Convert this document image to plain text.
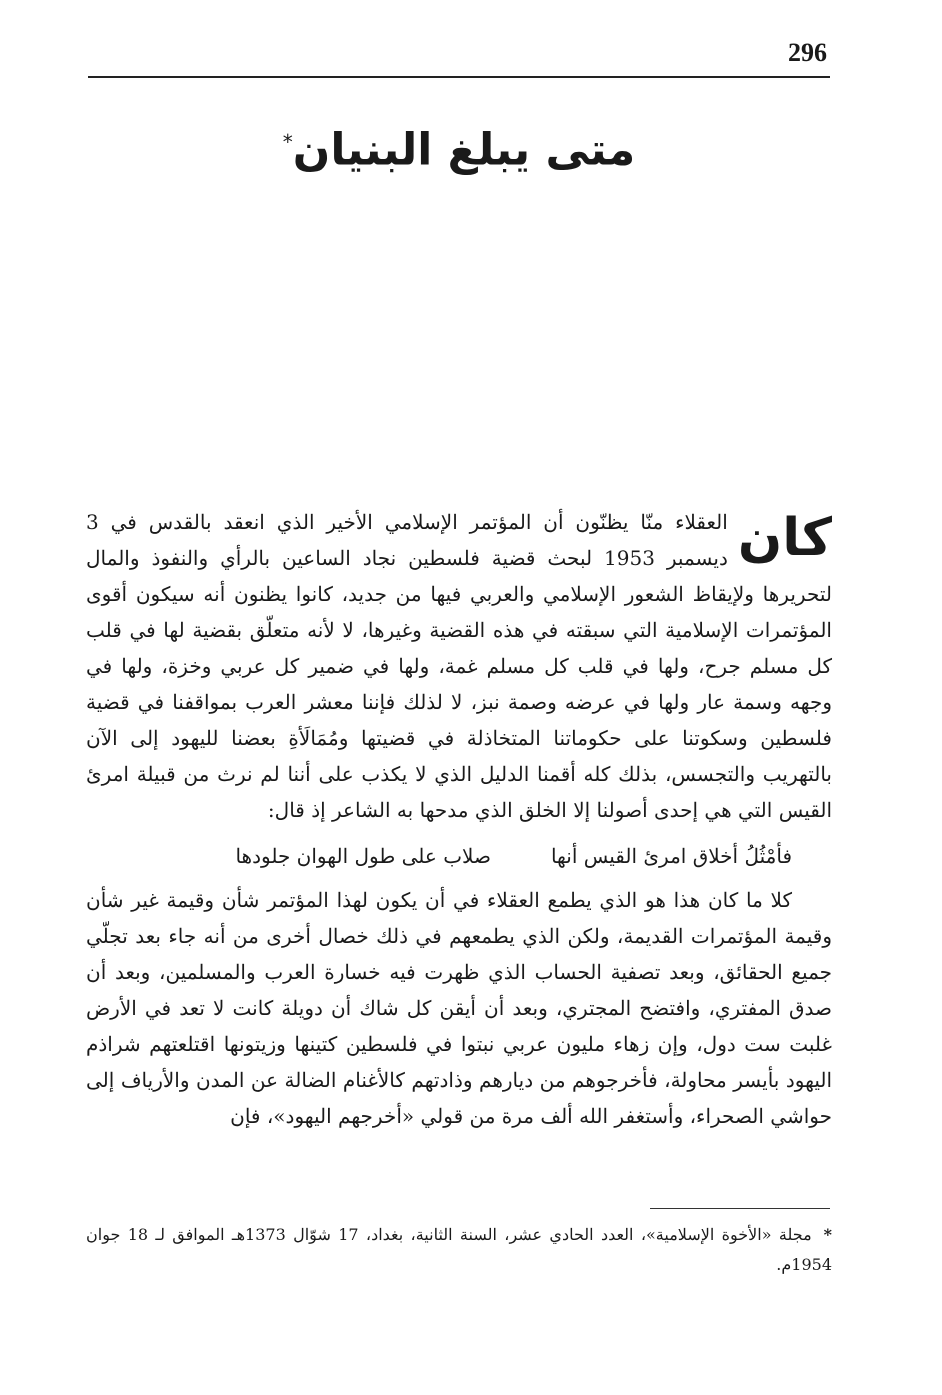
296
متى يبلغ البنيان*

كان
العقلاء منّا يظنّون أن المؤتمر الإسلامي الأخير الذي انعقد بالقدس في 3 ديسمبر 1953 لبحث قضية فلسطين نجاد الساعين بالرأي والنفوذ والمال لتحريرها ولإيقاظ الشعور الإسلامي والعربي فيها من جديد، كانوا يظنون أنه سيكون أقوى المؤتمرات الإسلامية التي سبقته في هذه القضية وغيرها، لا لأنه متعلّق بقضية لها في قلب كل مسلم جرح، ولها في قلب كل مسلم غمة، ولها في ضمير كل عربي وخزة، ولها في وجهه وسمة عار ولها في عرضه وصمة نبز، لا لذلك فإننا معشر العرب بمواقفنا في قضية فلسطين وسكوتنا على حكوماتنا المتخاذلة في قضيتها ومُمَالَأةِ بعضنا لليهود إلى الآن بالتهريب والتجسس، بذلك كله أقمنا الدليل الذي لا يكذب على أننا لم نرث من قبيلة امرئ القيس التي هي إحدى أصولنا إلا الخلق الذي مدحها به الشاعر إذ قال:

فأمْثُلُ أخلاق امرئ القيس أنها
صلاب على طول الهوان جلودها

كلا ما كان هذا هو الذي يطمع العقلاء في أن يكون لهذا المؤتمر شأن وقيمة غير شأن وقيمة المؤتمرات القديمة، ولكن الذي يطمعهم في ذلك خصال أخرى من أنه جاء بعد تجلّي جميع الحقائق، وبعد تصفية الحساب الذي ظهرت فيه خسارة العرب والمسلمين، وبعد أن صدق المفتري، وافتضح المجتري، وبعد أن أيقن كل شاك أن دويلة كانت لا تعد في الأرض غلبت ست دول، وإن زهاء مليون عربي نبتوا في فلسطين كتينها وزيتونها اقتلعتهم شراذم اليهود بأيسر محاولة، فأخرجوهم من ديارهم وذادتهم كالأغنام الضالة عن المدن والأرياف إلى حواشي الصحراء، وأستغفر الله ألف مرة من قولي «أخرجهم اليهود»، فإن

*مجلة «الأخوة الإسلامية»، العدد الحادي عشر، السنة الثانية، بغداد، 17 شوّال 1373هـ الموافق لـ 18 جوان 1954م.
